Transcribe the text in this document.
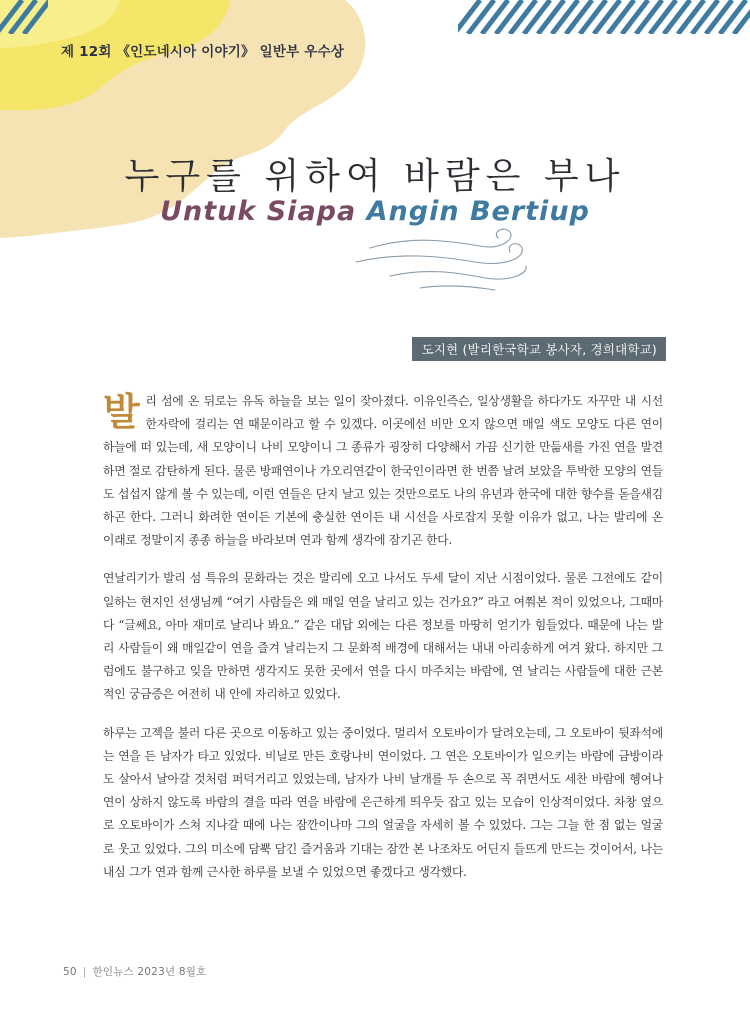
제 12회 《인도네시아 이야기》 일반부 우수상
누구를 위하여 바람은 부나
Untuk Siapa Angin Bertiup
도지현 (발리한국학교 봉사자, 경희대학교)

발리 섬에 온 뒤로는 유독 하늘을 보는 일이 잦아졌다. 이유인즉슨, 일상생활을 하다가도 자꾸만 내 시선 한자락에 걸리는 연 때문이라고 할 수 있겠다. 이곳에선 비만 오지 않으면 매일 색도 모양도 다른 연이 하늘에 떠 있는데, 새 모양이니 나비 모양이니 그 종류가 굉장히 다양해서 가끔 신기한 만듦새를 가진 연을 발견하면 절로 감탄하게 된다. 물론 방패연이나 가오리연같이 한국인이라면 한 번쯤 날려 보았을 투박한 모양의 연들도 섭섭지 않게 볼 수 있는데, 이런 연들은 단지 날고 있는 것만으로도 나의 유년과 한국에 대한 향수를 돋을새김하곤 한다. 그러니 화려한 연이든 기본에 충실한 연이든 내 시선을 사로잡지 못할 이유가 없고, 나는 발리에 온 이래로 정말이지 종종 하늘을 바라보며 연과 함께 생각에 잠기곤 한다.

연날리기가 발리 섬 특유의 문화라는 것은 발리에 오고 나서도 두세 달이 지난 시점이었다. 물론 그전에도 같이 일하는 현지인 선생님께 “여기 사람들은 왜 매일 연을 날리고 있는 건가요?” 라고 여쭤본 적이 있었으나, 그때마다 “글쎄요, 아마 재미로 날리나 봐요.” 같은 대답 외에는 다른 정보를 마땅히 얻기가 힘들었다. 때문에 나는 발리 사람들이 왜 매일같이 연을 즐겨 날리는지 그 문화적 배경에 대해서는 내내 아리송하게 여겨 왔다. 하지만 그럼에도 불구하고 잊을 만하면 생각지도 못한 곳에서 연을 다시 마주치는 바람에, 연 날리는 사람들에 대한 근본적인 궁금증은 여전히 내 안에 자리하고 있었다.

하루는 고젝을 불러 다른 곳으로 이동하고 있는 중이었다. 멀리서 오토바이가 달려오는데, 그 오토바이 뒷좌석에는 연을 든 남자가 타고 있었다. 비닐로 만든 호랑나비 연이었다. 그 연은 오토바이가 일으키는 바람에 금방이라도 살아서 날아갈 것처럼 퍼덕거리고 있었는데, 남자가 나비 날개를 두 손으로 꼭 쥐면서도 세찬 바람에 헹여나 연이 상하지 않도록 바람의 결을 따라 연을 바람에 은근하게 띄우듯 잡고 있는 모습이 인상적이었다. 차창 옆으로 오토바이가 스쳐 지나갈 때에 나는 잠깐이나마 그의 얼굴을 자세히 볼 수 있었다. 그는 그늘 한 점 없는 얼굴로 웃고 있었다. 그의 미소에 담뿍 담긴 즐거움과 기대는 잠깐 본 나조차도 어딘지 들뜨게 만드는 것이어서, 나는 내심 그가 연과 함께 근사한 하루를 보낼 수 있었으면 좋겠다고 생각했다.

50 | 한인뉴스 2023년 8월호
